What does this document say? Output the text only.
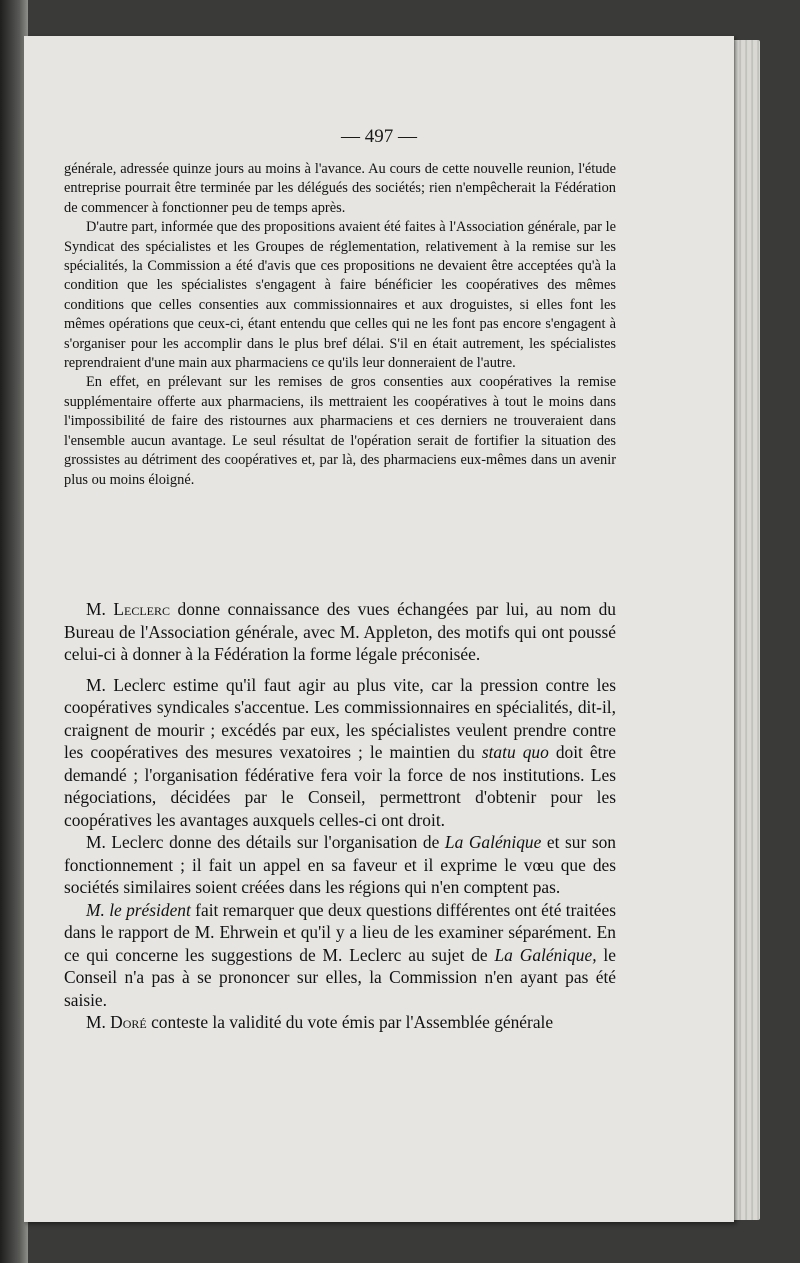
— 497 —

générale, adressée quinze jours au moins à l'avance. Au cours de cette nouvelle reunion, l'étude entreprise pourrait être terminée par les délégués des sociétés; rien n'empêcherait la Fédération de commencer à fonctionner peu de temps après.

D'autre part, informée que des propositions avaient été faites à l'Association générale, par le Syndicat des spécialistes et les Groupes de réglementation, relativement à la remise sur les spécialités, la Commission a été d'avis que ces propositions ne devaient être acceptées qu'à la condition que les spécialistes s'engagent à faire bénéficier les coopératives des mêmes conditions que celles consenties aux commissionnaires et aux droguistes, si elles font les mêmes opérations que ceux-ci, étant entendu que celles qui ne les font pas encore s'engagent à s'organiser pour les accomplir dans le plus bref délai. S'il en était autrement, les spécialistes reprendraient d'une main aux pharmaciens ce qu'ils leur donneraient de l'autre.

En effet, en prélevant sur les remises de gros consenties aux coopératives la remise supplémentaire offerte aux pharmaciens, ils mettraient les coopératives à tout le moins dans l'impossibilité de faire des ristournes aux pharmaciens et ces derniers ne trouveraient dans l'ensemble aucun avantage. Le seul résultat de l'opération serait de fortifier la situation des grossistes au détriment des coopératives et, par là, des pharmaciens eux-mêmes dans un avenir plus ou moins éloigné.

M. Leclerc donne connaissance des vues échangées par lui, au nom du Bureau de l'Association générale, avec M. Appleton, des motifs qui ont poussé celui-ci à donner à la Fédération la forme légale préconisée.

M. Leclerc estime qu'il faut agir au plus vite, car la pression contre les coopératives syndicales s'accentue. Les commissionnaires en spécialités, dit-il, craignent de mourir ; excédés par eux, les spécialistes veulent prendre contre les coopératives des mesures vexatoires ; le maintien du statu quo doit être demandé ; l'organisation fédérative fera voir la force de nos institutions. Les négociations, décidées par le Conseil, permettront d'obtenir pour les coopératives les avantages auxquels celles-ci ont droit.

M. Leclerc donne des détails sur l'organisation de La Galénique et sur son fonctionnement ; il fait un appel en sa faveur et il exprime le vœu que des sociétés similaires soient créées dans les régions qui n'en comptent pas.

M. le président fait remarquer que deux questions différentes ont été traitées dans le rapport de M. Ehrwein et qu'il y a lieu de les examiner séparément. En ce qui concerne les suggestions de M. Leclerc au sujet de La Galénique, le Conseil n'a pas à se prononcer sur elles, la Commission n'en ayant pas été saisie.

M. Doré conteste la validité du vote émis par l'Assemblée générale
